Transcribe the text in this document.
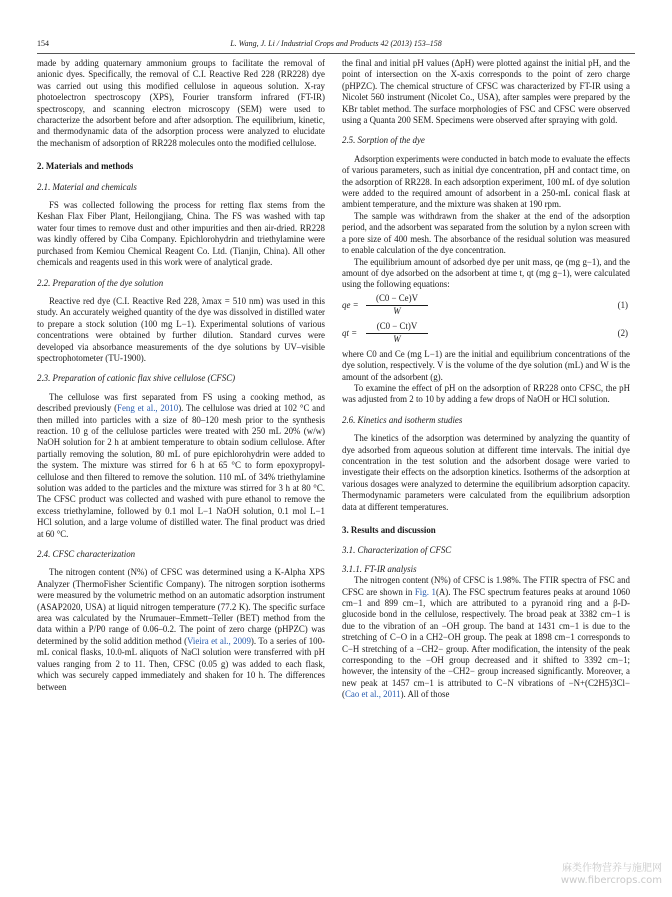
154	L. Wang, J. Li / Industrial Crops and Products 42 (2013) 153–158

made by adding quaternary ammonium groups to facilitate the removal of anionic dyes. Specifically, the removal of C.I. Reactive Red 228 (RR228) dye was carried out using this modified cellulose in aqueous solution. X-ray photoelectron spectroscopy (XPS), Fourier transform infrared (FT-IR) spectroscopy, and scanning electron microscopy (SEM) were used to characterize the adsorbent before and after adsorption. The equilibrium, kinetic, and thermodynamic data of the adsorption process were analyzed to elucidate the mechanism of adsorption of RR228 molecules onto the modified cellulose.

2. Materials and methods
2.1. Material and chemicals

FS was collected following the process for retting flax stems from the Keshan Flax Fiber Plant, Heilongjiang, China. The FS was washed with tap water four times to remove dust and other impurities and then air-dried. RR228 was kindly offered by Ciba Company. Epichlorohydrin and triethylamine were purchased from Kemiou Chemical Reagent Co. Ltd. (Tianjin, China). All other chemicals and reagents used in this work were of analytical grade.

2.2. Preparation of the dye solution

Reactive red dye (C.I. Reactive Red 228, λmax = 510 nm) was used in this study. An accurately weighed quantity of the dye was dissolved in distilled water to prepare a stock solution (100 mg L−1). Experimental solutions of various concentrations were obtained by further dilution. Standard curves were developed via absorbance measurements of the dye solutions by UV–visible spectrophotometer (TU-1900).

2.3. Preparation of cationic flax shive cellulose (CFSC)

The cellulose was first separated from FS using a cooking method, as described previously (Feng et al., 2010). The cellulose was dried at 102 °C and then milled into particles with a size of 80–120 mesh prior to the synthesis reaction. 10 g of the cellulose particles were treated with 250 mL 20% (w/w) NaOH solution for 2 h at ambient temperature to obtain sodium cellulose. After partially removing the solution, 80 mL of pure epichlorohydrin were added to the system. The mixture was stirred for 6 h at 65 °C to form epoxypropyl-cellulose and then filtered to remove the solution. 110 mL of 34% triethylamine solution was added to the particles and the mixture was stirred for 3 h at 80 °C. The CFSC product was collected and washed with pure ethanol to remove the excess triethylamine, followed by 0.1 mol L−1 NaOH solution, 0.1 mol L−1 HCl solution, and a large volume of distilled water. The final product was dried at 60 °C.

2.4. CFSC characterization

The nitrogen content (N%) of CFSC was determined using a K-Alpha XPS Analyzer (ThermoFisher Scientific Company). The nitrogen sorption isotherms were measured by the volumetric method on an automatic adsorption instrument (ASAP2020, USA) at liquid nitrogen temperature (77.2 K). The specific surface area was calculated by the Nrumauer–Emmett–Teller (BET) method from the data within a P/P0 range of 0.06–0.2. The point of zero charge (pHPZC) was determined by the solid addition method (Vieira et al., 2009). To a series of 100-mL conical flasks, 10.0-mL aliquots of NaCl solution were transferred with pH values ranging from 2 to 11. Then, CFSC (0.05 g) was added to each flask, which was securely capped immediately and shaken for 10 h. The differences between

the final and initial pH values (ΔpH) were plotted against the initial pH, and the point of intersection on the X-axis corresponds to the point of zero charge (pHPZC). The chemical structure of CFSC was characterized by FT-IR using a Nicolet 560 instrument (Nicolet Co., USA), after samples were prepared by the KBr tablet method. The surface morphologies of FSC and CFSC were observed using a Quanta 200 SEM. Specimens were observed after spraying with gold.

2.5. Sorption of the dye

Adsorption experiments were conducted in batch mode to evaluate the effects of various parameters, such as initial dye concentration, pH and contact time, on the adsorption of RR228. In each adsorption experiment, 100 mL of dye solution were added to the required amount of adsorbent in a 250-mL conical flask at ambient temperature, and the mixture was shaken at 190 rpm.

The sample was withdrawn from the shaker at the end of the adsorption period, and the adsorbent was separated from the solution by a nylon screen with a pore size of 400 mesh. The absorbance of the residual solution was measured to enable calculation of the dye concentration.

The equilibrium amount of adsorbed dye per unit mass, qe (mg g−1), and the amount of dye adsorbed on the adsorbent at time t, qt (mg g−1), were calculated using the following equations:

qe = $\frac{(C0 - Ce)V}{W}$	(1)
qt = $\frac{(C0 - Ct)V}{W}$	(2)

where C0 and Ce (mg L−1) are the initial and equilibrium concentrations of the dye solution, respectively. V is the volume of the dye solution (mL) and W is the amount of the adsorbent (g).

To examine the effect of pH on the adsorption of RR228 onto CFSC, the pH was adjusted from 2 to 10 by adding a few drops of NaOH or HCl solution.

2.6. Kinetics and isotherm studies

The kinetics of the adsorption was determined by analyzing the quantity of dye adsorbed from aqueous solution at different time intervals. The initial dye concentration in the test solution and the adsorbent dosage were varied to investigate their effects on the adsorption kinetics. Isotherms of the adsorption at various dosages were analyzed to determine the equilibrium adsorption capacity. Thermodynamic parameters were calculated from the equilibrium adsorption data at different temperatures.

3. Results and discussion
3.1. Characterization of CFSC
3.1.1. FT-IR analysis

The nitrogen content (N%) of CFSC is 1.98%. The FTIR spectra of FSC and CFSC are shown in Fig. 1(A). The FSC spectrum features peaks at around 1060 cm−1 and 899 cm−1, which are attributed to a pyranoid ring and a β-D-glucoside bond in the cellulose, respectively. The broad peak at 3382 cm−1 is due to the vibration of an −OH group. The band at 1431 cm−1 is due to the stretching of C−O in a CH2−OH group. The peak at 1898 cm−1 corresponds to C−H stretching of a −CH2− group. After modification, the intensity of the peak corresponding to the −OH group decreased and it shifted to 3392 cm−1; however, the intensity of the −CH2− group increased significantly. Moreover, a new peak at 1457 cm−1 is attributed to C−N vibrations of −N+(C2H5)3Cl− (Cao et al., 2011). All of those

麻类作物营养与施肥网
www.fibercrops.com
